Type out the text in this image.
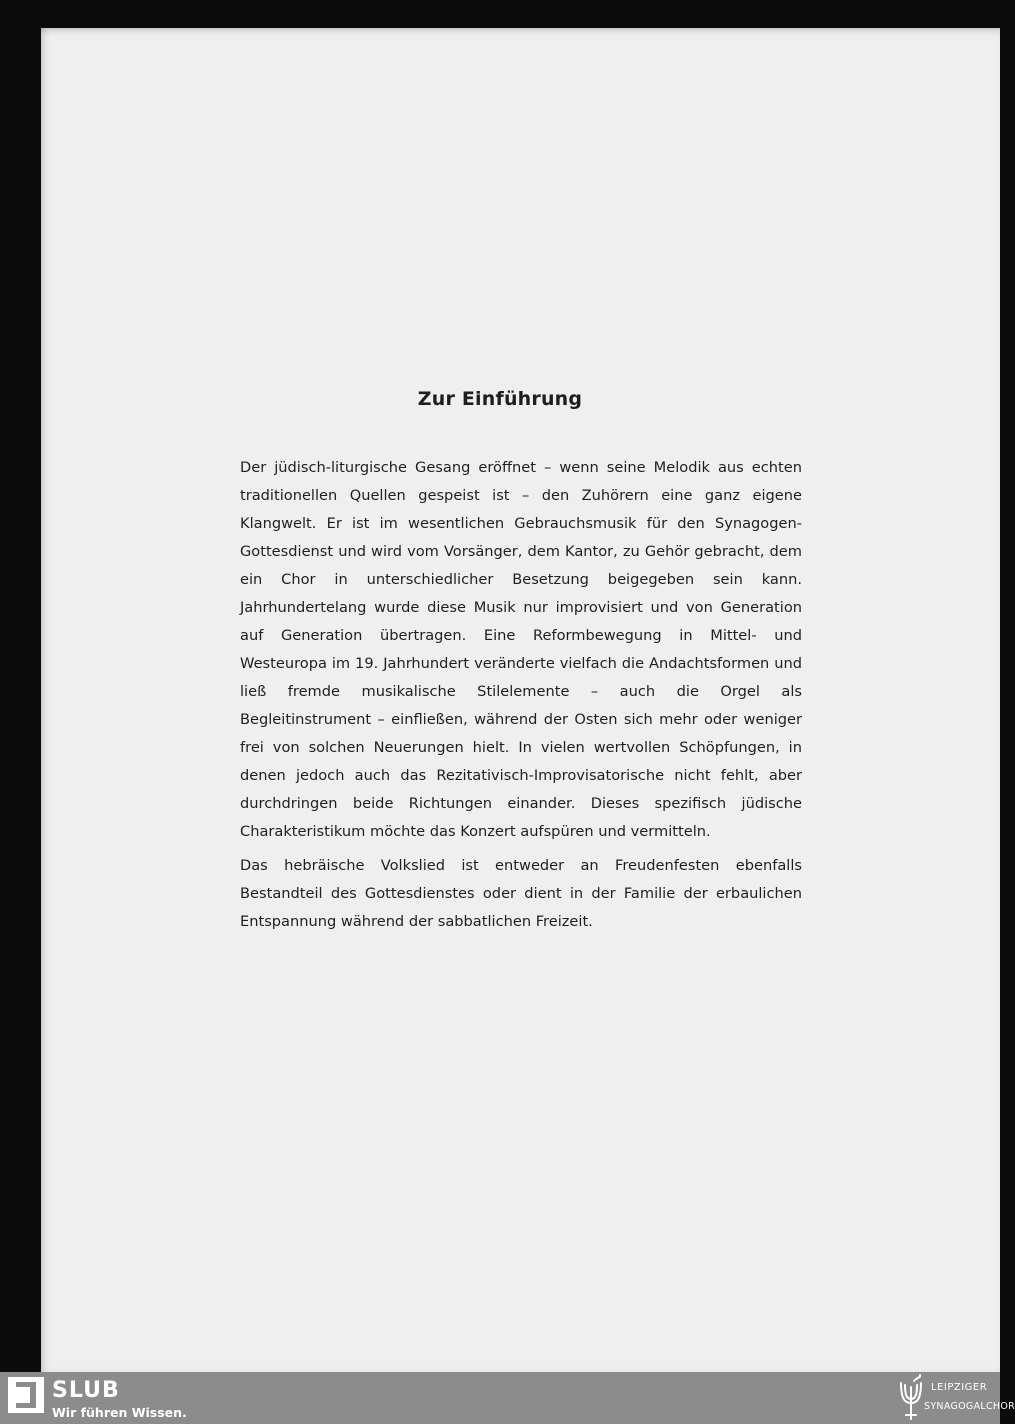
Zur Einführung

Der jüdisch-liturgische Gesang eröffnet – wenn seine Melodik aus echten traditionellen Quellen gespeist ist – den Zuhörern eine ganz eigene Klangwelt. Er ist im wesentlichen Gebrauchsmusik für den Synagogen-Gottesdienst und wird vom Vorsänger, dem Kantor, zu Gehör gebracht, dem ein Chor in unterschiedlicher Besetzung beigegeben sein kann. Jahrhundertelang wurde diese Musik nur improvisiert und von Generation auf Generation übertragen. Eine Reformbewegung in Mittel- und Westeuropa im 19. Jahrhundert veränderte vielfach die Andachtsformen und ließ fremde musikalische Stilelemente – auch die Orgel als Begleitinstrument – einfließen, während der Osten sich mehr oder weniger frei von solchen Neuerungen hielt. In vielen wertvollen Schöpfungen, in denen jedoch auch das Rezitativisch-Improvisatorische nicht fehlt, aber durchdringen beide Richtungen einander. Dieses spezifisch jüdische Charakteristikum möchte das Konzert aufspüren und vermitteln.

Das hebräische Volkslied ist entweder an Freudenfesten ebenfalls Bestandteil des Gottesdienstes oder dient in der Familie der erbaulichen Entspannung während der sabbatlichen Freizeit.

SLUB
Wir führen Wissen.
LEIPZIGER
SYNAGOGALCHOR
